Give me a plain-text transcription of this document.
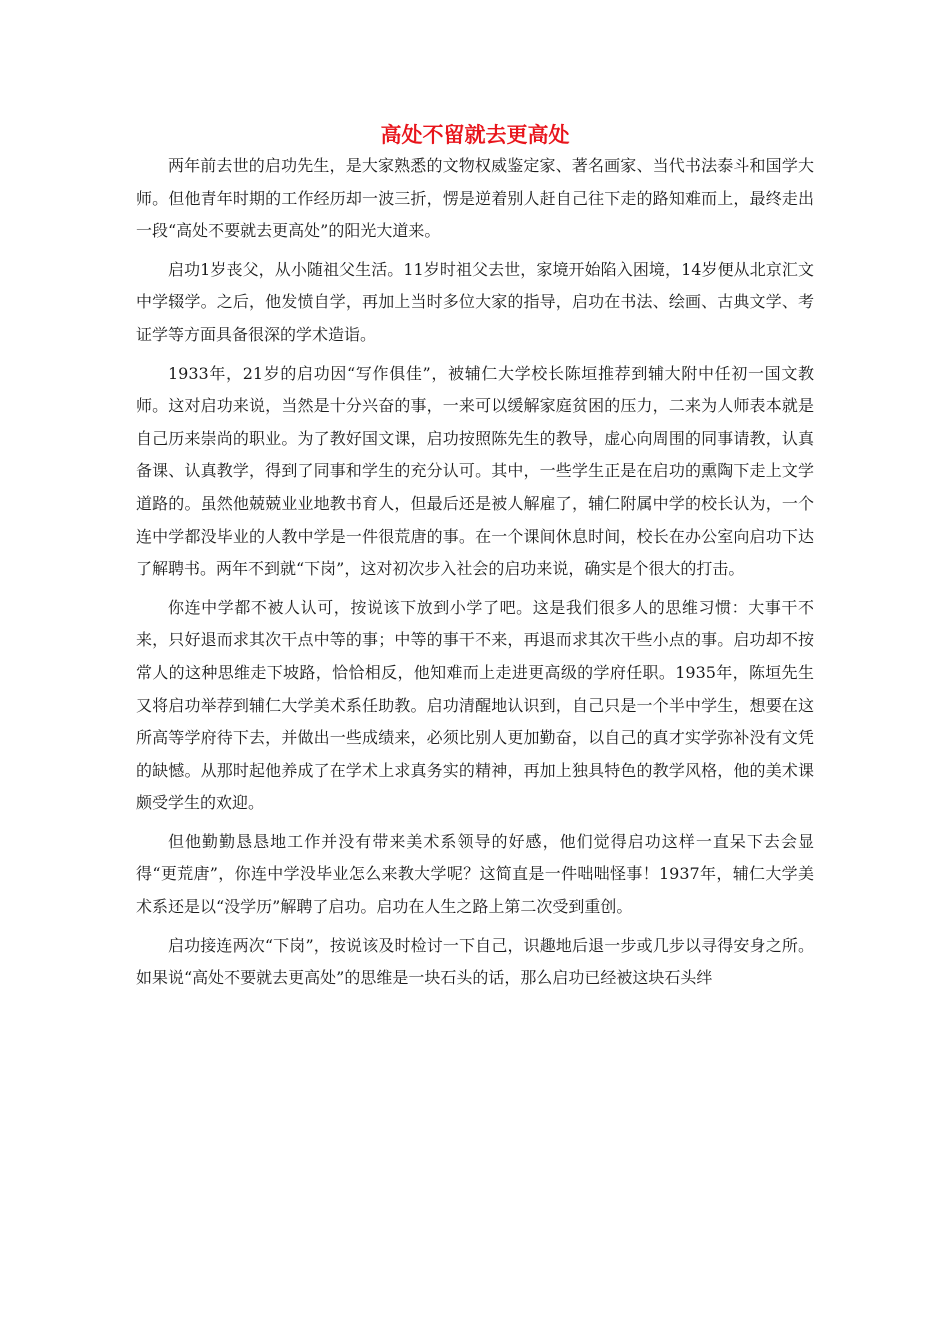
高处不留就去更高处

两年前去世的启功先生，是大家熟悉的文物权威鉴定家、著名画家、当代书法泰斗和国学大师。但他青年时期的工作经历却一波三折，愣是逆着别人赶自己往下走的路知难而上，最终走出一段“高处不要就去更高处”的阳光大道来。

启功1岁丧父，从小随祖父生活。11岁时祖父去世，家境开始陷入困境，14岁便从北京汇文中学辍学。之后，他发愤自学，再加上当时多位大家的指导，启功在书法、绘画、古典文学、考证学等方面具备很深的学术造诣。

1933年，21岁的启功因“写作俱佳”，被辅仁大学校长陈垣推荐到辅大附中任初一国文教师。这对启功来说，当然是十分兴奋的事，一来可以缓解家庭贫困的压力，二来为人师表本就是自己历来崇尚的职业。为了教好国文课，启功按照陈先生的教导，虚心向周围的同事请教，认真备课、认真教学，得到了同事和学生的充分认可。其中，一些学生正是在启功的熏陶下走上文学道路的。虽然他兢兢业业地教书育人，但最后还是被人解雇了，辅仁附属中学的校长认为，一个连中学都没毕业的人教中学是一件很荒唐的事。在一个课间休息时间，校长在办公室向启功下达了解聘书。两年不到就“下岗”，这对初次步入社会的启功来说，确实是个很大的打击。

你连中学都不被人认可，按说该下放到小学了吧。这是我们很多人的思维习惯：大事干不来，只好退而求其次干点中等的事；中等的事干不来，再退而求其次干些小点的事。启功却不按常人的这种思维走下坡路，恰恰相反，他知难而上走进更高级的学府任职。1935年，陈垣先生又将启功举荐到辅仁大学美术系任助教。启功清醒地认识到，自己只是一个半中学生，想要在这所高等学府待下去，并做出一些成绩来，必须比别人更加勤奋，以自己的真才实学弥补没有文凭的缺憾。从那时起他养成了在学术上求真务实的精神，再加上独具特色的教学风格，他的美术课颇受学生的欢迎。

但他勤勤恳恳地工作并没有带来美术系领导的好感，他们觉得启功这样一直呆下去会显得“更荒唐”，你连中学没毕业怎么来教大学呢？这简直是一件咄咄怪事！1937年，辅仁大学美术系还是以“没学历”解聘了启功。启功在人生之路上第二次受到重创。

启功接连两次“下岗”，按说该及时检讨一下自己，识趣地后退一步或几步以寻得安身之所。如果说“高处不要就去更高处”的思维是一块石头的话，那么启功已经被这块石头绊
